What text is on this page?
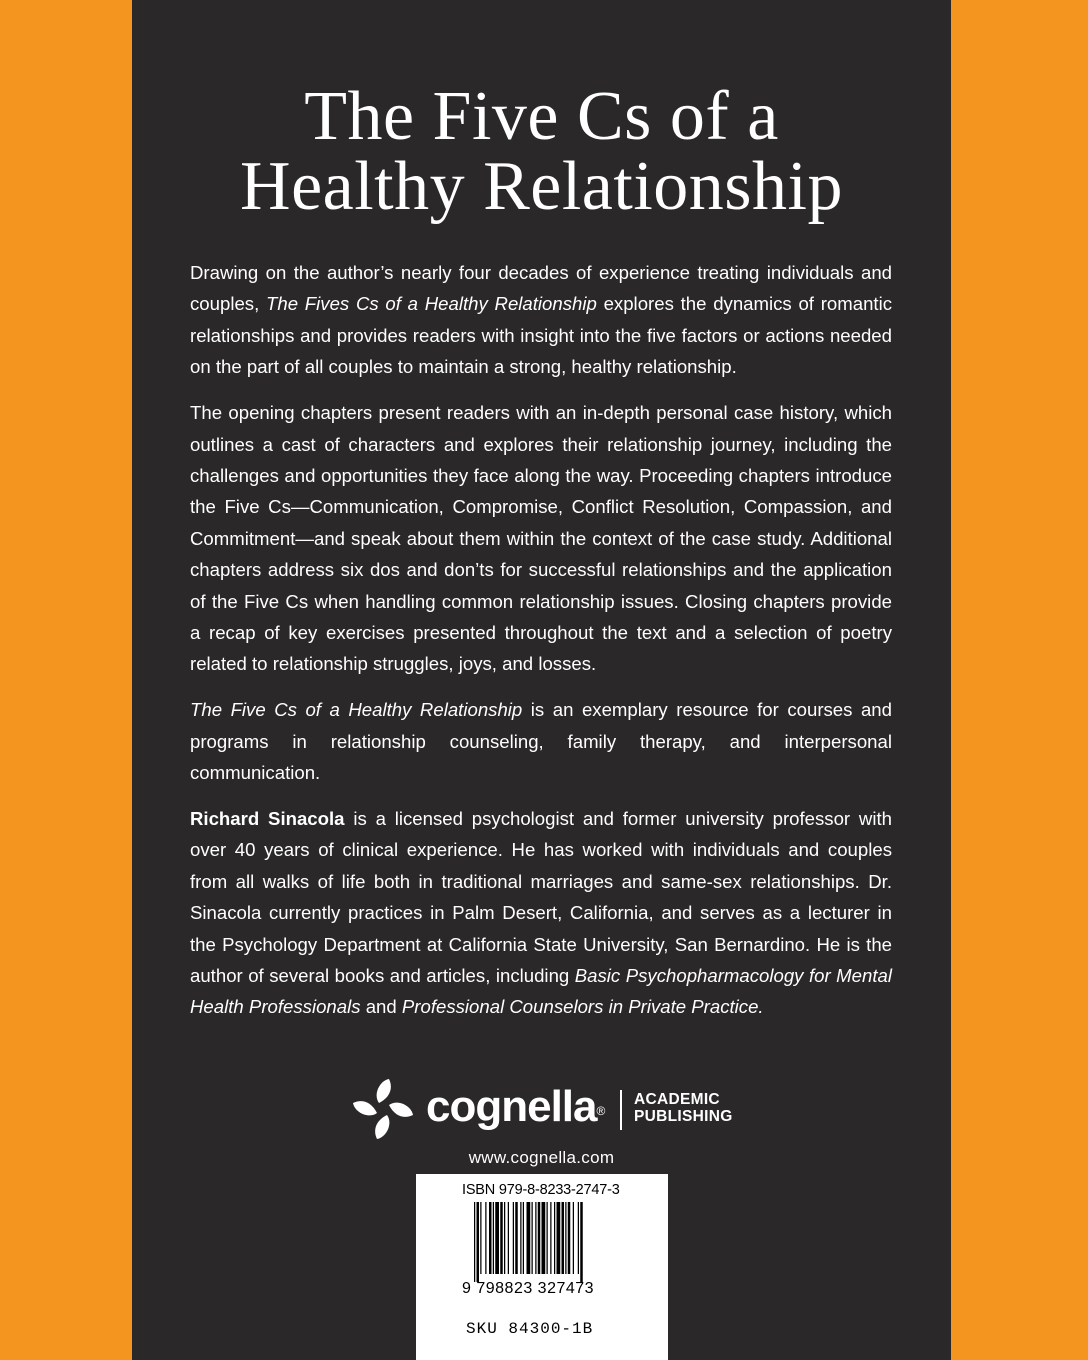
The Five Cs of a
Healthy Relationship

Drawing on the author’s nearly four decades of experience treating individuals and couples, The Fives Cs of a Healthy Relationship explores the dynamics of romantic relationships and provides readers with insight into the five factors or actions needed on the part of all couples to maintain a strong, healthy relationship.

The opening chapters present readers with an in-depth personal case history, which outlines a cast of characters and explores their relationship journey, including the challenges and opportunities they face along the way. Proceeding chapters introduce the Five Cs—Communication, Compromise, Conflict Resolution, Compassion, and Commitment—and speak about them within the context of the case study. Additional chapters address six dos and don’ts for successful relationships and the application of the Five Cs when handling common relationship issues. Closing chapters provide a recap of key exercises presented throughout the text and a selection of poetry related to relationship struggles, joys, and losses.

The Five Cs of a Healthy Relationship is an exemplary resource for courses and programs in relationship counseling, family therapy, and interpersonal communication.

Richard Sinacola is a licensed psychologist and former university professor with over 40 years of clinical experience. He has worked with individuals and couples from all walks of life both in traditional marriages and same-sex relationships. Dr. Sinacola currently practices in Palm Desert, California, and serves as a lecturer in the Psychology Department at California State University, San Bernardino. He is the author of several books and articles, including Basic Psychopharmacology for Mental Health Professionals and Professional Counselors in Private Practice.

cognella®
ACADEMIC
PUBLISHING
www.cognella.com
ISBN 979-8-8233-2747-3
9 798823 327473
SKU 84300-1B
